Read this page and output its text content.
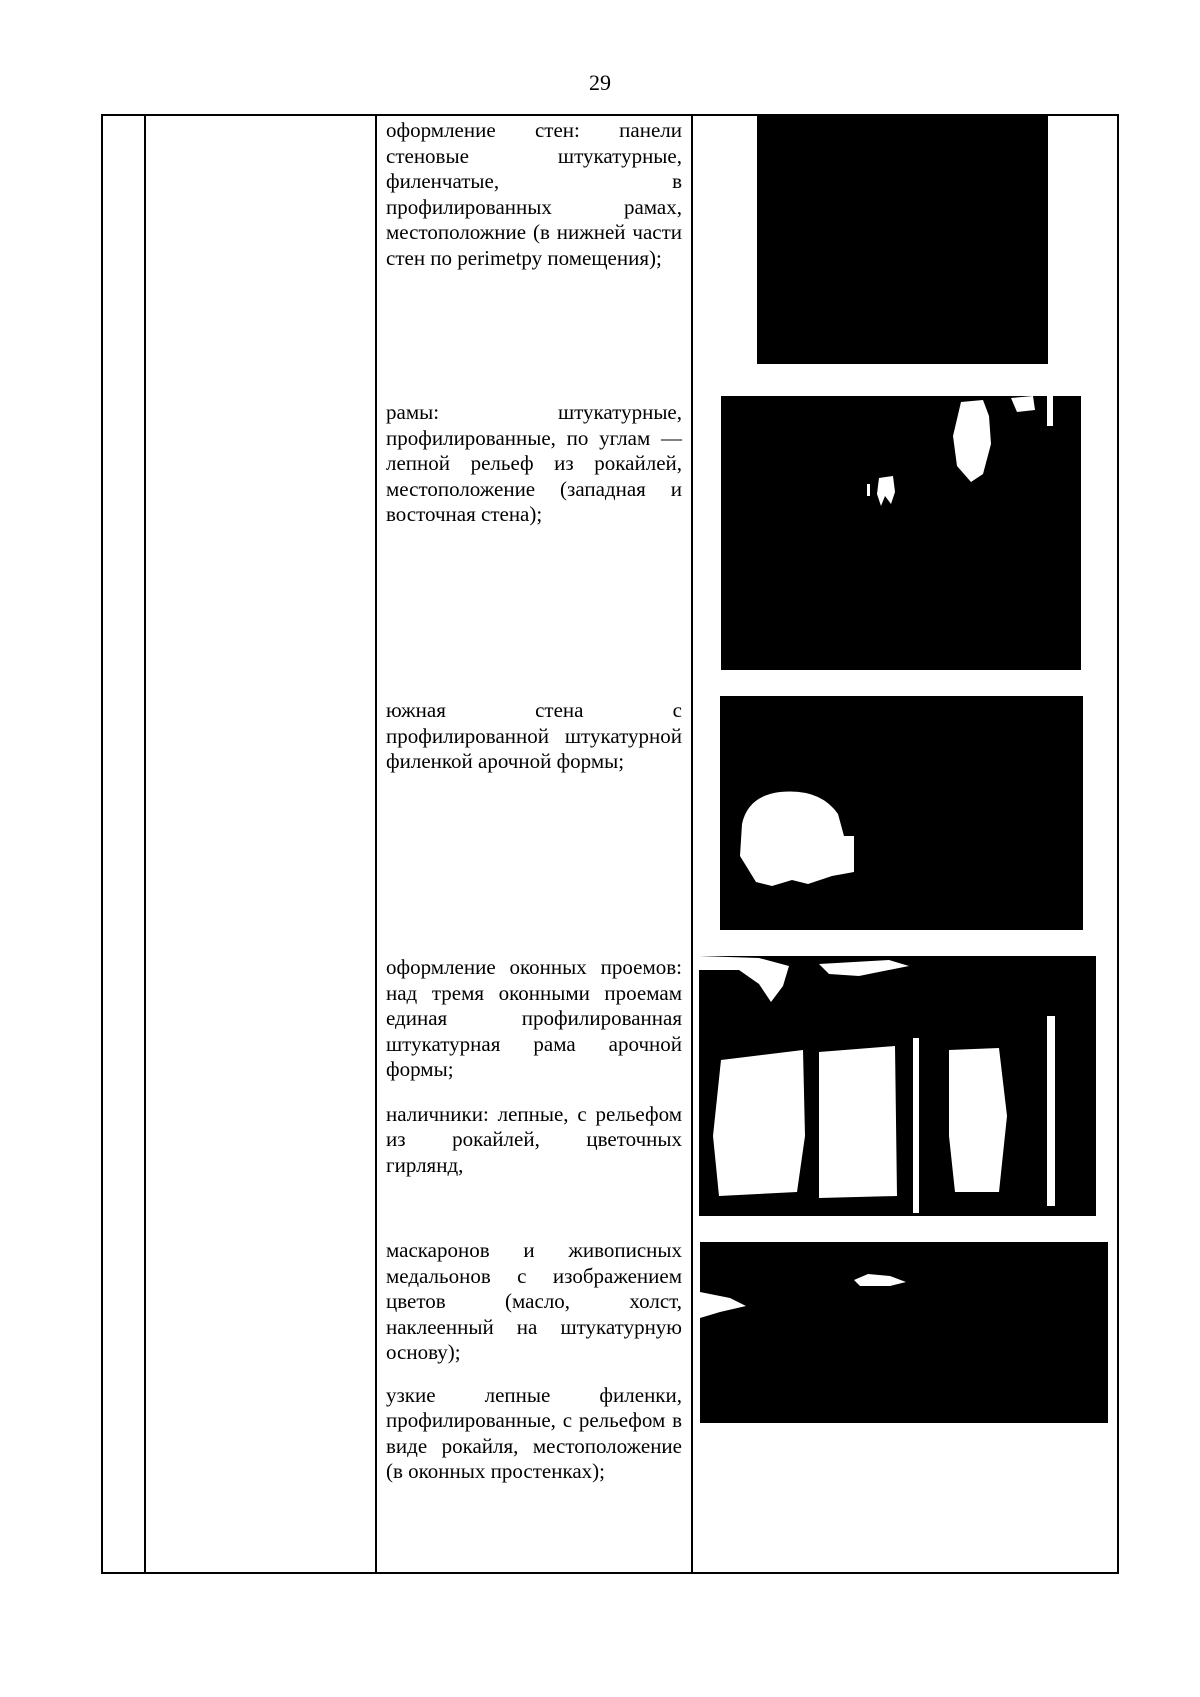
29

оформление стен: панели стеновые штукатурные, филенчатые, в профилированных рамах, местоположние (в нижней части стен по perimеtру помещения);

рамы: штукатурные, профилированные, по углам — лепной рельеф из рокайлей, местоположение (западная и восточная стена);

южная стена с профилированной штукатурной филенкой арочной формы;

оформление оконных проемов: над тремя оконными проемам единая профилированная штукатурная рама арочной формы;

наличники: лепные, с рельефом из рокайлей, цветочных гирлянд,

маскаронов и живописных медальонов с изображением цветов (масло, холст, наклеенный на штукатурную основу);

узкие лепные филенки, профилированные, с рельефом в виде рокайля, местоположение (в оконных простенках);
